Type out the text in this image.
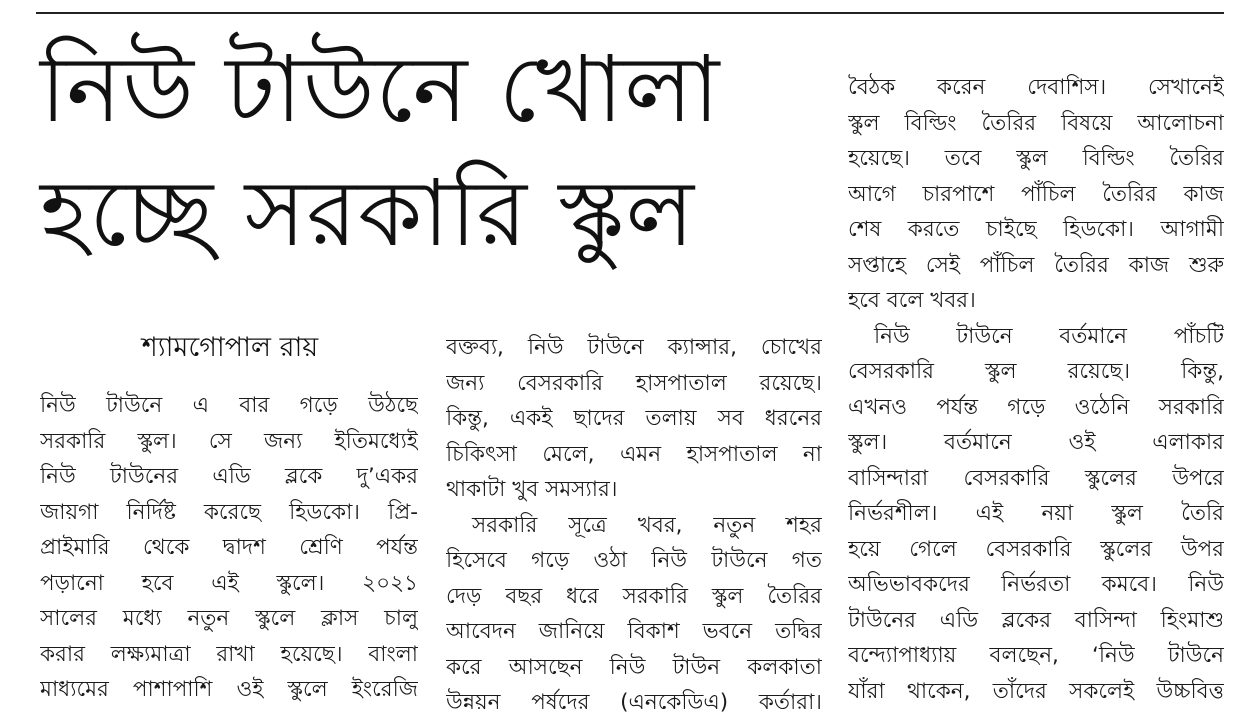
নিউ টাউনে খোলা
হচ্ছে সরকারি স্কুল
শ্যামগোপাল রায়
নিউ টাউনে এ বার গড়ে উঠছে
সরকারি স্কুল। সে জন্য ইতিমধ্যেই
নিউ টাউনের এডি ব্লকে দু’একর
জায়গা নির্দিষ্ট করেছে হিডকো। প্রি-
প্রাইমারি থেকে দ্বাদশ শ্রেণি পর্যন্ত
পড়ানো হবে এই স্কুলে। ২০২১
সালের মধ্যে নতুন স্কুলে ক্লাস চালু
করার লক্ষ্যমাত্রা রাখা হয়েছে। বাংলা
মাধ্যমের পাশাপাশি ওই স্কুলে ইংরেজি
বক্তব্য, নিউ টাউনে ক্যান্সার, চোখের
জন্য বেসরকারি হাসপাতাল রয়েছে।
কিন্তু, একই ছাদের তলায় সব ধরনের
চিকিৎসা মেলে, এমন হাসপাতাল না
থাকাটা খুব সমস্যার।
সরকারি সূত্রে খবর, নতুন শহর
হিসেবে গড়ে ওঠা নিউ টাউনে গত
দেড় বছর ধরে সরকারি স্কুল তৈরির
আবেদন জানিয়ে বিকাশ ভবনে তদ্বির
করে আসছেন নিউ টাউন কলকাতা
উন্নয়ন পর্ষদের (এনকেডিএ) কর্তারা।
বৈঠক করেন দেবাশিস। সেখানেই
স্কুল বিল্ডিং তৈরির বিষয়ে আলোচনা
হয়েছে। তবে স্কুল বিল্ডিং তৈরির
আগে চারপাশে পাঁচিল তৈরির কাজ
শেষ করতে চাইছে হিডকো। আগামী
সপ্তাহে সেই পাঁচিল তৈরির কাজ শুরু
হবে বলে খবর।
নিউ টাউনে বর্তমানে পাঁচটি
বেসরকারি স্কুল রয়েছে। কিন্তু,
এখনও পর্যন্ত গড়ে ওঠেনি সরকারি
স্কুল। বর্তমানে ওই এলাকার
বাসিন্দারা বেসরকারি স্কুলের উপরে
নির্ভরশীল। এই নয়া স্কুল তৈরি
হয়ে গেলে বেসরকারি স্কুলের উপর
অভিভাবকদের নির্ভরতা কমবে। নিউ
টাউনের এডি ব্লকের বাসিন্দা হিংমাশু
বন্দ্যোপাধ্যায় বলছেন, ‘নিউ টাউনে
যাঁরা থাকেন, তাঁদের সকলেই উচ্চবিত্ত
